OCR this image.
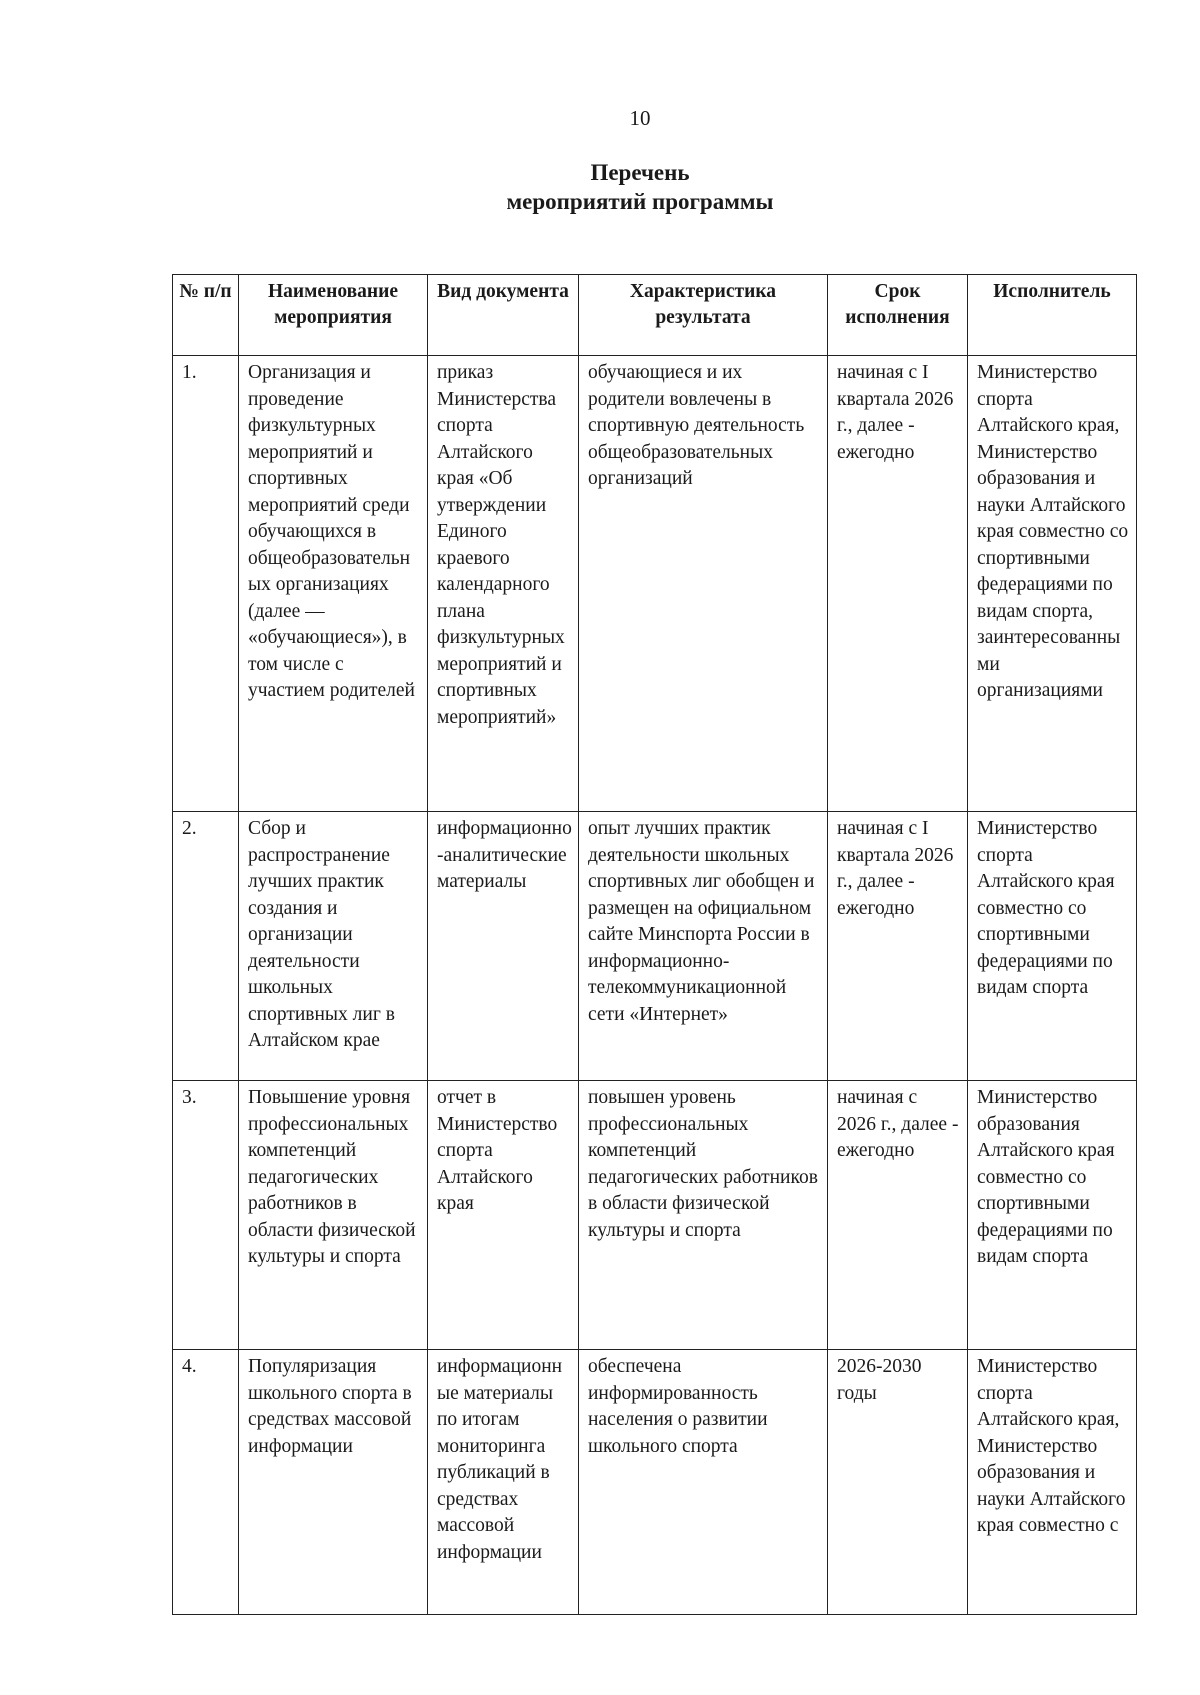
10
Перечень
мероприятий программы
№ п/п	Наименование мероприятия	Вид документа	Характеристика результата	Срок исполнения	Исполнитель
1.	Организация и проведение физкультурных мероприятий и спортивных мероприятий среди обучающихся в общеобразовательных организациях (далее — «обучающиеся»), в том числе с участием родителей	приказ Министерства спорта Алтайского края «Об утверждении Единого краевого календарного плана физкультурных мероприятий и спортивных мероприятий»	обучающиеся и их родители вовлечены в спортивную деятельность общеобразовательных организаций	начиная с I квартала 2026 г., далее - ежегодно	Министерство спорта Алтайского края, Министерство образования и науки Алтайского края совместно со спортивными федерациями по видам спорта, заинтересованными организациями
2.	Сбор и распространение лучших практик создания и организации деятельности школьных спортивных лиг в Алтайском крае	информационно-аналитические материалы	опыт лучших практик деятельности школьных спортивных лиг обобщен и размещен на официальном сайте Минспорта России в информационно-телекоммуникационной сети «Интернет»	начиная с I квартала 2026 г., далее - ежегодно	Министерство спорта Алтайского края совместно со спортивными федерациями по видам спорта
3.	Повышение уровня профессиональных компетенций педагогических работников в области физической культуры и спорта	отчет в Министерство спорта Алтайского края	повышен уровень профессиональных компетенций педагогических работников в области физической культуры и спорта	начиная с 2026 г., далее - ежегодно	Министерство образования Алтайского края совместно со спортивными федерациями по видам спорта
4.	Популяризация школьного спорта в средствах массовой информации	информационные материалы по итогам мониторинга публикаций в средствах массовой информации	обеспечена информированность населения о развитии школьного спорта	2026-2030 годы	Министерство спорта Алтайского края, Министерство образования и науки Алтайского края совместно с
